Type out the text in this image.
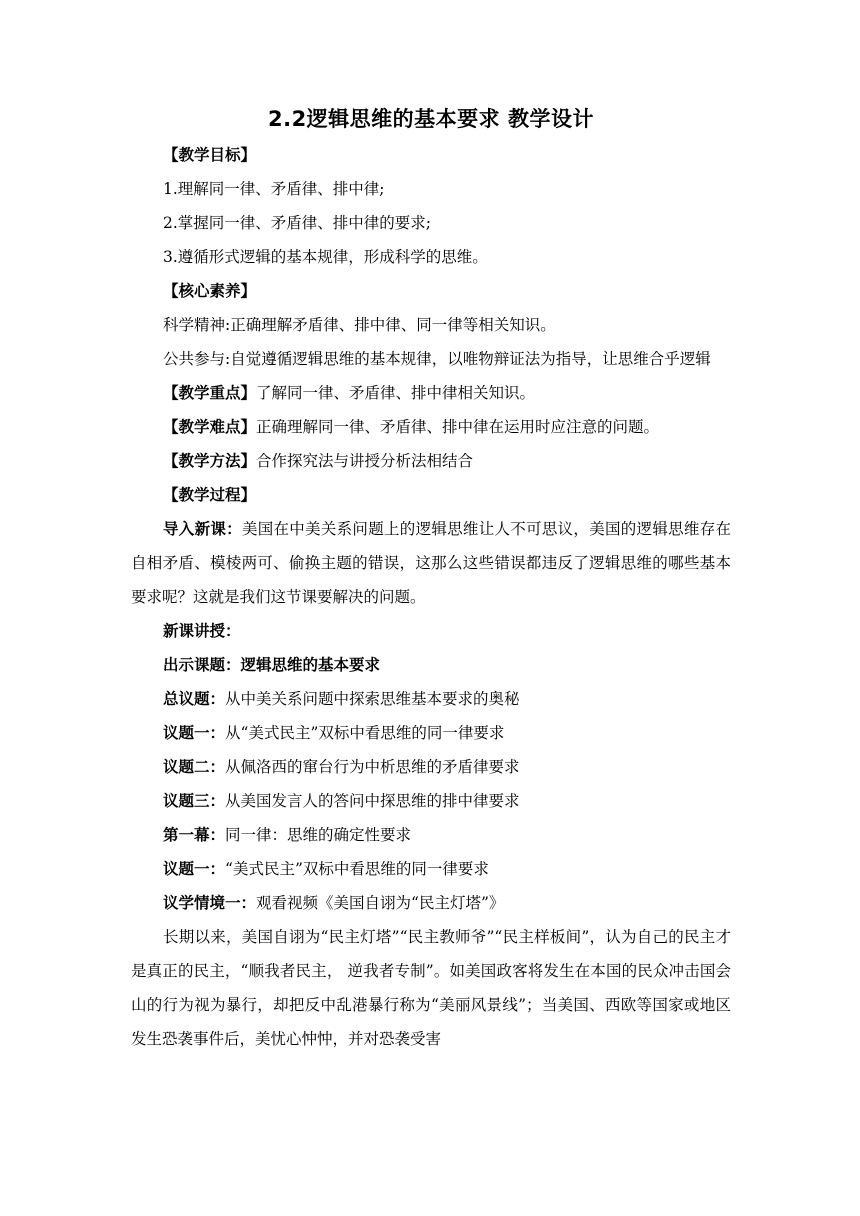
2.2逻辑思维的基本要求 教学设计

【教学目标】

1.理解同一律、矛盾律、排中律;

2.掌握同一律、矛盾律、排中律的要求;

3.遵循形式逻辑的基本规律，形成科学的思维。

【核心素养】

科学精神:正确理解矛盾律、排中律、同一律等相关知识。

公共参与:自觉遵循逻辑思维的基本规律，以唯物辩证法为指导，让思维合乎逻辑

【教学重点】了解同一律、矛盾律、排中律相关知识。

【教学难点】正确理解同一律、矛盾律、排中律在运用时应注意的问题。

【教学方法】合作探究法与讲授分析法相结合

【教学过程】

导入新课：美国在中美关系问题上的逻辑思维让人不可思议，美国的逻辑思维存在自相矛盾、模棱两可、偷换主题的错误，这那么这些错误都违反了逻辑思维的哪些基本要求呢？这就是我们这节课要解决的问题。

新课讲授：

出示课题：逻辑思维的基本要求

总议题：从中美关系问题中探索思维基本要求的奥秘

议题一：从“美式民主”双标中看思维的同一律要求

议题二：从佩洛西的窜台行为中析思维的矛盾律要求

议题三：从美国发言人的答问中探思维的排中律要求

第一幕：同一律：思维的确定性要求

议题一：“美式民主”双标中看思维的同一律要求

议学情境一：观看视频《美国自诩为“民主灯塔”》

长期以来，美国自诩为“民主灯塔”“民主教师爷”“民主样板间”，认为自己的民主才是真正的民主，“顺我者民主， 逆我者专制”。如美国政客将发生在本国的民众冲击国会山的行为视为暴行，却把反中乱港暴行称为“美丽风景线”；当美国、西欧等国家或地区发生恐袭事件后，美忧心忡忡，并对恐袭受害
